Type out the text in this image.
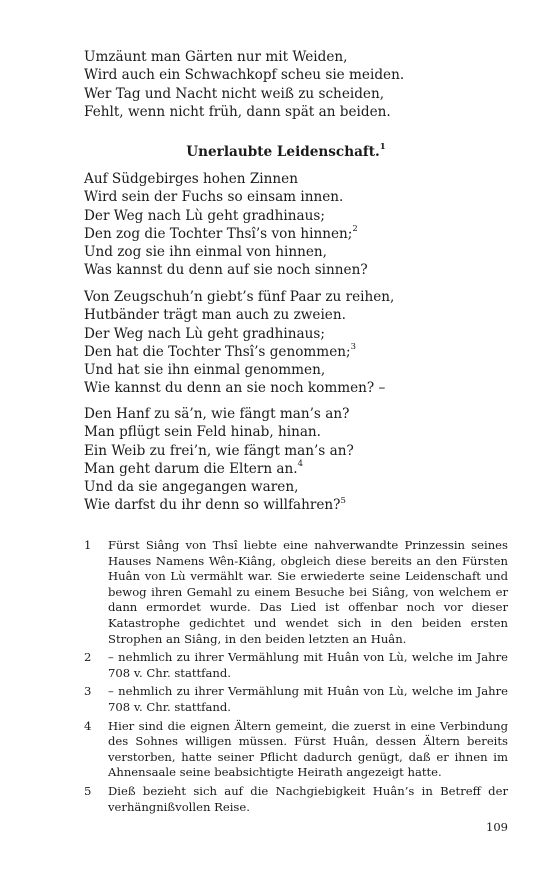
Umzäunt man Gärten nur mit Weiden,
Wird auch ein Schwachkopf scheu sie meiden.
Wer Tag und Nacht nicht weiß zu scheiden,
Fehlt, wenn nicht früh, dann spät an beiden.
Unerlaubte Leidenschaft.$^1$
Auf Südgebirges hohen Zinnen
Wird sein der Fuchs so einsam innen.
Der Weg nach Lù geht gradhinaus;
Den zog die Tochter Thsî’s von hinnen;$^2$
Und zog sie ihn einmal von hinnen,
Was kannst du denn auf sie noch sinnen?
Von Zeugschuh’n giebt’s fünf Paar zu reihen,
Hutbänder trägt man auch zu zweien.
Der Weg nach Lù geht gradhinaus;
Den hat die Tochter Thsî’s genommen;$^3$
Und hat sie ihn einmal genommen,
Wie kannst du denn an sie noch kommen? –
Den Hanf zu sä’n, wie fängt man’s an?
Man pflügt sein Feld hinab, hinan.
Ein Weib zu frei’n, wie fängt man’s an?
Man geht darum die Eltern an.$^4$
Und da sie angegangen waren,
Wie darfst du ihr denn so willfahren?$^5$
1	Fürst Siâng von Thsî liebte eine nahverwandte Prinzessin seines Hauses Namens Wên-Kiâng, obgleich diese bereits an den Fürsten Huân von Lù vermählt war. Sie erwiederte seine Leidenschaft und bewog ihren Gemahl zu einem Besuche bei Siâng, von welchem er dann ermordet wurde. Das Lied ist offenbar noch vor dieser Katastrophe gedichtet und wendet sich in den beiden ersten Strophen an Siâng, in den beiden letzten an Huân.
2	– nehmlich zu ihrer Vermählung mit Huân von Lù, welche im Jahre 708 v. Chr. stattfand.
3	– nehmlich zu ihrer Vermählung mit Huân von Lù, welche im Jahre 708 v. Chr. stattfand.
4	Hier sind die eignen Ältern gemeint, die zuerst in eine Verbindung des Sohnes willigen müssen. Fürst Huân, dessen Ältern bereits verstorben, hatte seiner Pflicht dadurch genügt, daß er ihnen im Ahnensaale seine beabsichtigte Heirath angezeigt hatte.
5	Dieß bezieht sich auf die Nachgiebigkeit Huân’s in Betreff der verhängnißvollen Reise.
109
